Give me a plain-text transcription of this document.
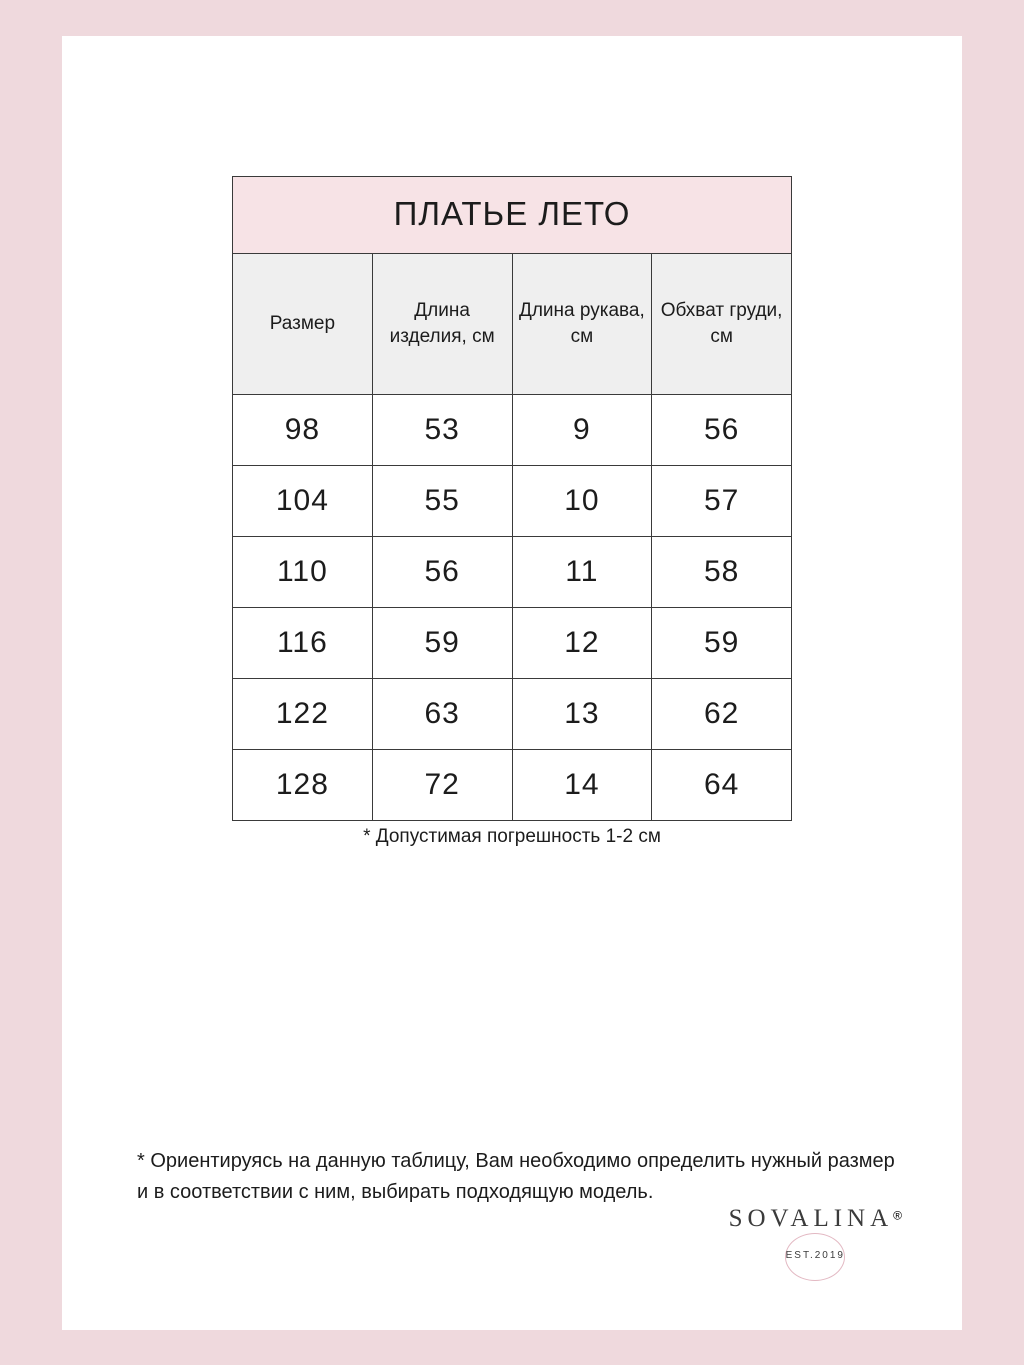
ПЛАТЬЕ ЛЕТО			
Размер	Длина изделия, см	Длина рукава, см	Обхват груди, см
98	53	9	56
104	55	10	57
110	56	11	58
116	59	12	59
122	63	13	62
128	72	14	64
* Допустимая погрешность 1-2 см
* Ориентируясь на данную таблицу, Вам необходимо определить нужный размер и в соответствии с ним, выбирать подходящую модель.
SOVALINA®
$_{EST.2019}$
